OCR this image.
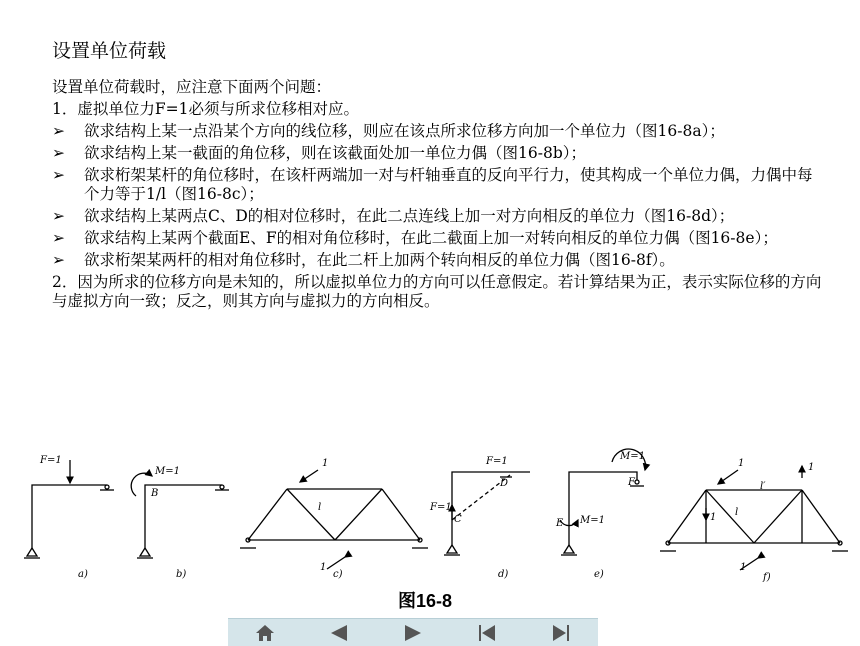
设置单位荷载
设置单位荷载时，应注意下面两个问题：
1．虚拟单位力F=1必须与所求位移相对应。
➢ 欲求结构上某一点沿某个方向的线位移，则应在该点所求位移方向加一个单位力（图16-8a）；
➢ 欲求结构上某一截面的角位移，则在该截面处加一单位力偶（图16-8b）；
➢ 欲求桁架某杆的角位移时，在该杆两端加一对与杆轴垂直的反向平行力，使其构成一个单位力偶，力偶中每个力等于1/l（图16-8c）；
➢ 欲求结构上某两点C、D的相对位移时，在此二点连线上加一对方向相反的单位力（图16-8d）；
➢ 欲求结构上某两个截面E、F的相对角位移时，在此二截面上加一对转向相反的单位力偶（图16-8e）；
➢ 欲求桁架某两杆的相对角位移时，在此二杆上加两个转向相反的单位力偶（图16-8f）。
2．因为所求的位移方向是未知的，所以虚拟单位力的方向可以任意假定。若计算结果为正，表示实际位移的方向与虚拟方向一致；反之，则其方向与虚拟力的方向相反。
F=1
a)
M=1
B
b)
l
1
1
c)
F=1
D
F=1
C
d)
M=1
F
M=1
E
e)
l′
l
1	1
1
1
f)
图16-8
